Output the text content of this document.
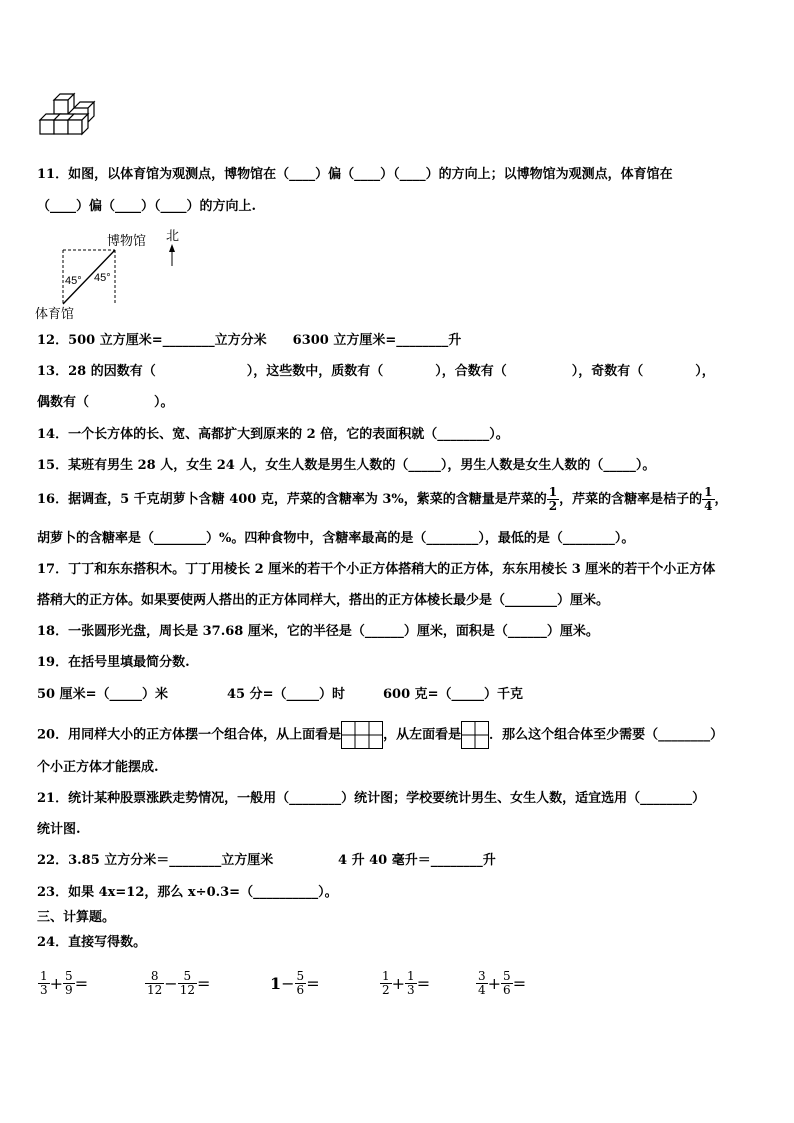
11．如图，以体育馆为观测点，博物馆在（____）偏（____）（____）的方向上；以博物馆为观测点，体育馆在
（____）偏（____）（____）的方向上.
博物馆 北
45° 45°
体育馆
12．500 立方厘米=________立方分米　　6300 立方厘米=________升
13．28 的因数有（　　　　　　　），这些数中，质数有（　　　　），合数有（　　　　　），奇数有（　　　　），
偶数有（　　　　　）。
14．一个长方体的长、宽、高都扩大到原来的 2 倍，它的表面积就（________）。
15．某班有男生 28 人，女生 24 人，女生人数是男生人数的（_____），男生人数是女生人数的（_____）。
16．据调查，5 千克胡萝卜含糖 400 克，芹菜的含糖率为 3%，紫菜的含糖量是芹菜的 $\frac{1}{2}$ ，芹菜的含糖率是桔子的 $\frac{1}{4}$ ，
胡萝卜的含糖率是（________）%。四种食物中，含糖率最高的是（________），最低的是（________）。
17．丁丁和东东搭积木。丁丁用棱长 2 厘米的若干个小正方体搭稍大的正方体，东东用棱长 3 厘米的若干个小正方体
搭稍大的正方体。如果要使两人搭出的正方体同样大，搭出的正方体棱长最少是（________）厘米。
18．一张圆形光盘，周长是 37.68 厘米，它的半径是（______）厘米，面积是（______）厘米。
19．在括号里填最简分数.
50 厘米=（_____）米	45 分=（_____）时	600 克=（_____）千克
20．用同样大小的正方体摆一个组合体，从上面看是	，从左面看是 ．那么这个组合体至少需要（________）
个小正方体才能摆成.
21．统计某种股票涨跌走势情况，一般用（________）统计图；学校要统计男生、女生人数，适宜选用（________）
统计图.
22．3.85 立方分米＝________立方厘米	4 升 40 毫升＝________升
23．如果 4x=12，那么 x÷0.3=（__________）。
三、计算题。
24．直接写得数。
$\frac{1}{3} + \frac{5}{9}$ =	$\frac{8}{12} - \frac{5}{12}$ =	$1- \frac{5}{6}$ =	$\frac{1}{2} + \frac{1}{3}$ =	$\frac{3}{4} + \frac{5}{6}$ =
